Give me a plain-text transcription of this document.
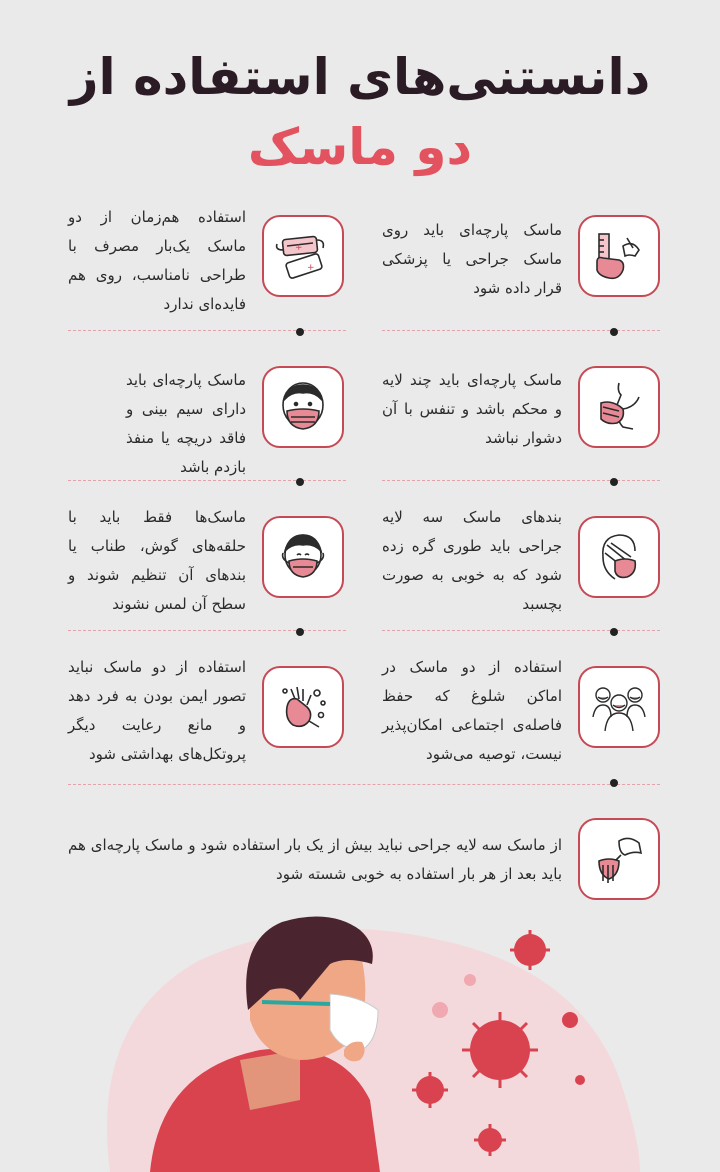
دانستنی‌های استفاده از
دو ماسک
ماسک پارچه‌ای باید روی ماسک جراحی یا پزشکی قرار داده شود
+
+
استفاده هم‌زمان از دو ماسک یک‌بار مصرف با طراحی نامناسب، روی هم فایده‌ای ندارد
ماسک پارچه‌ای باید چند لایه و محکم باشد و تنفس با آن دشوار نباشد
ماسک پارچه‌ای باید دارای سیم بینی و فاقد دریچه یا منفذ بازدم باشد
بندهای ماسک سه لایه جراحی باید طوری گره زده شود که به خوبی به صورت بچسبد
ماسک‌ها فقط باید با حلقه‌های گوش، طناب یا بندهای آن تنظیم شوند و سطح آن لمس نشوند
استفاده از دو ماسک در اماکن شلوغ که حفظ فاصله‌ی اجتماعی امکان‌پذیر نیست، توصیه می‌شود
استفاده از دو ماسک نباید تصور ایمن بودن به فرد دهد و مانع رعایت دیگر پروتکل‌های بهداشتی شود
از ماسک سه لایه جراحی نباید بیش از یک بار استفاده شود و ماسک پارچه‌ای هم باید بعد از هر بار استفاده به خوبی شسته شود
